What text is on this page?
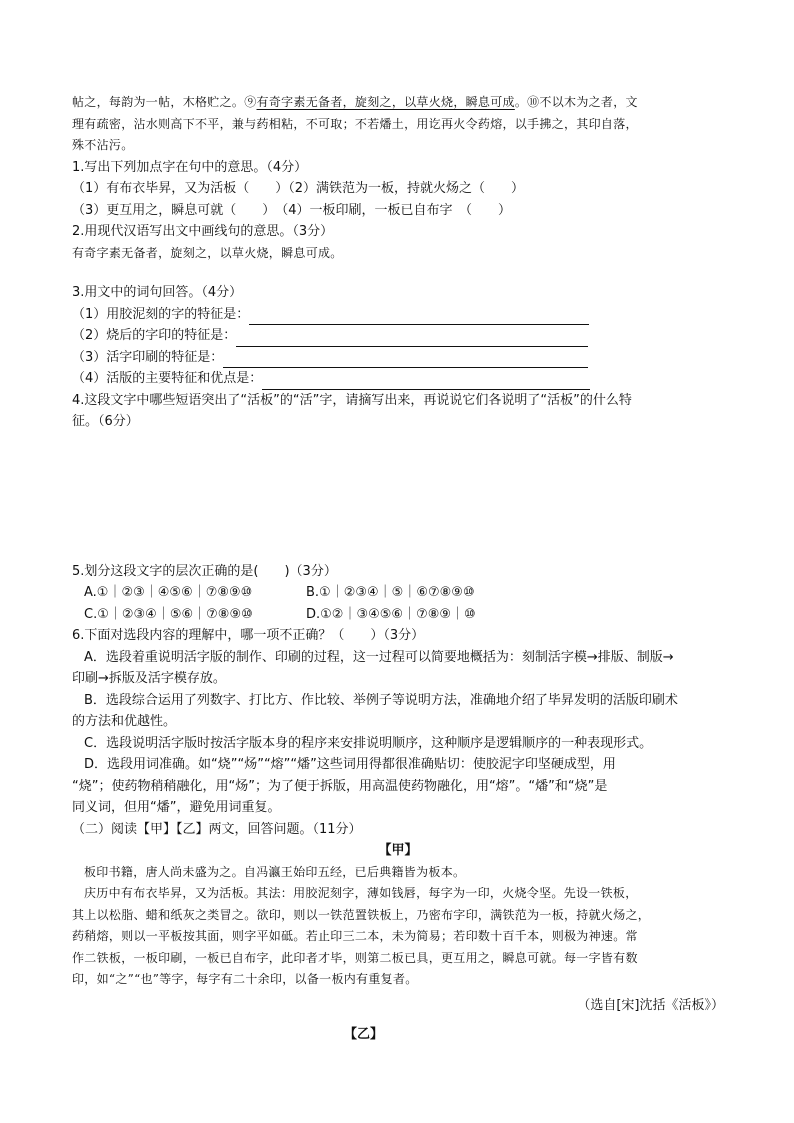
帖之，每韵为一帖，木格贮之。⑨有奇字素无备者，旋刻之，以草火烧，瞬息可成。⑩不以木为之者，文
理有疏密，沾水则高下不平，兼与药相粘，不可取；不若燔土，用讫再火令药熔，以手拂之，其印自落，
殊不沾污。
1.写出下列加点字在句中的意思。（4分）
（1）有布衣毕昇，又为活板（　　）（2）满铁范为一板，持就火炀之（　　）
（3）更互用之，瞬息可就（　　）　（4）一板印刷，一板已自布字　（　　）
2.用现代汉语写出文中画线句的意思。（3分）
有奇字素无备者，旋刻之，以草火烧，瞬息可成。
3.用文中的词句回答。（4分）
（1）用胶泥刻的字的特征是：
（2）烧后的字印的特征是：
（3）活字印刷的特征是：
（4）活版的主要特征和优点是：
4.这段文字中哪些短语突出了“活板”的“活”字，请摘写出来，再说说它们各说明了“活板”的什么特
征。（6分）
5.划分这段文字的层次正确的是(　　)（3分）
A.①｜②③｜④⑤⑥｜⑦⑧⑨⑩	B.①｜②③④｜⑤｜⑥⑦⑧⑨⑩
C.①｜②③④｜⑤⑥｜⑦⑧⑨⑩	D.①②｜③④⑤⑥｜⑦⑧⑨｜⑩
6.下面对选段内容的理解中，哪一项不正确？（　　）（3分）
A．选段着重说明活字版的制作、印刷的过程，这一过程可以简要地概括为：刻制活字模→排版、制版→
印刷→拆版及活字模存放。
B．选段综合运用了列数字、打比方、作比较、举例子等说明方法，准确地介绍了毕昇发明的活版印刷术
的方法和优越性。
C．选段说明活字版时按活字版本身的程序来安排说明顺序，这种顺序是逻辑顺序的一种表现形式。
D．选段用词准确。如“烧”“炀”“熔”“燔”这些词用得都很准确贴切：使胶泥字印坚硬成型，用
“烧”；使药物稍稍融化，用“炀”；为了便于拆版，用高温使药物融化，用“熔”。“燔”和“烧”是
同义词，但用“燔”，避免用词重复。
（二）阅读【甲】【乙】两文，回答问题。（11分）
【甲】
板印书籍，唐人尚未盛为之。自冯瀛王始印五经，已后典籍皆为板本。
庆历中有布衣毕昇，又为活板。其法：用胶泥刻字，薄如钱唇，每字为一印，火烧令坚。先设一铁板，
其上以松脂、蜡和纸灰之类冒之。欲印，则以一铁范置铁板上，乃密布字印，满铁范为一板，持就火炀之，
药稍熔，则以一平板按其面，则字平如砥。若止印三二本，未为简易；若印数十百千本，则极为神速。常
作二铁板，一板印刷，一板已自布字，此印者才毕，则第二板已具，更互用之，瞬息可就。每一字皆有数
印，如“之”“也”等字，每字有二十余印，以备一板内有重复者。
（选自[宋]沈括《活板》）
【乙】
